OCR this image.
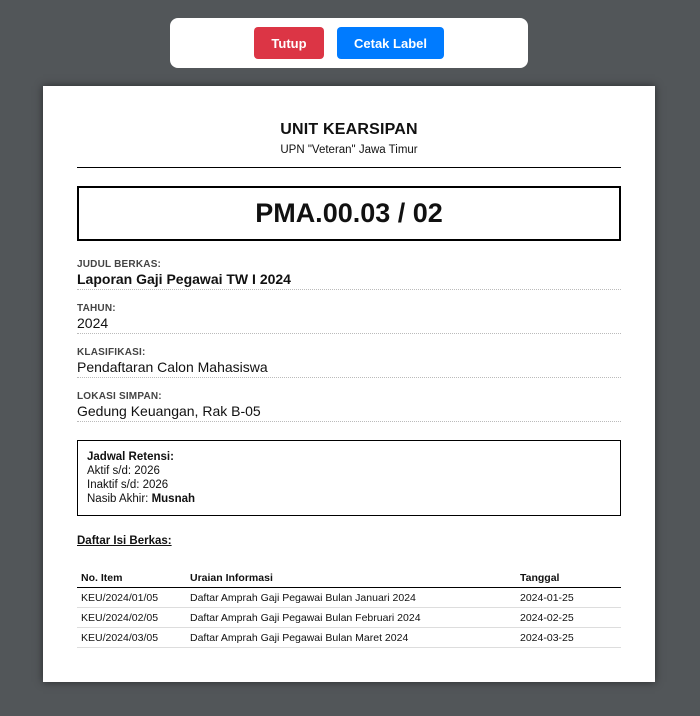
Tutup	Cetak Label
UNIT KEARSIPAN
UPN "Veteran" Jawa Timur
PMA.00.03 / 02
JUDUL BERKAS:
Laporan Gaji Pegawai TW I 2024
TAHUN:
2024
KLASIFIKASI:
Pendaftaran Calon Mahasiswa
LOKASI SIMPAN:
Gedung Keuangan, Rak B-05
Jadwal Retensi:
Aktif s/d: 2026
Inaktif s/d: 2026
Nasib Akhir: Musnah
Daftar Isi Berkas:
No. Item	Uraian Informasi	Tanggal
KEU/2024/01/05	Daftar Amprah Gaji Pegawai Bulan Januari 2024	2024-01-25
KEU/2024/02/05	Daftar Amprah Gaji Pegawai Bulan Februari 2024	2024-02-25
KEU/2024/03/05	Daftar Amprah Gaji Pegawai Bulan Maret 2024	2024-03-25
